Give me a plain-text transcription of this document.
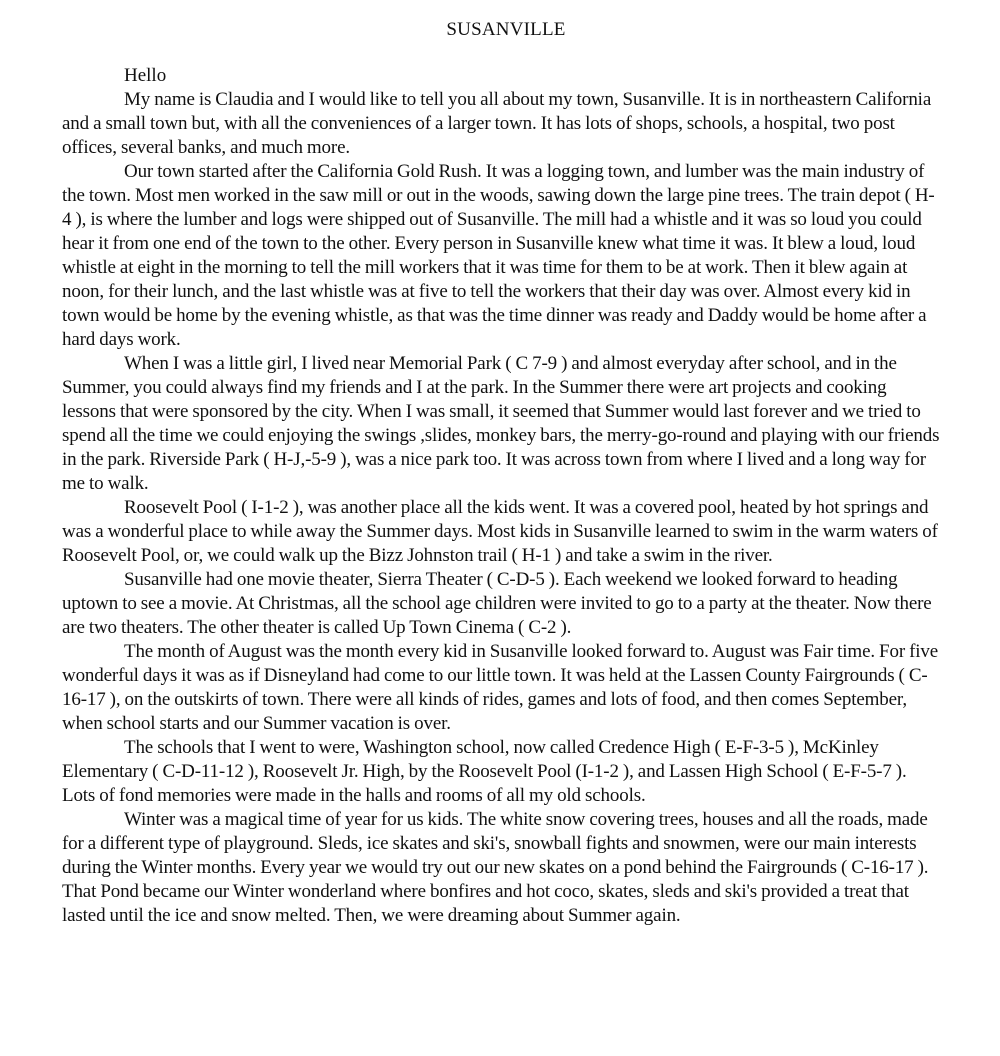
SUSANVILLE

Hello

My name is Claudia and I would like to tell you all about my town, Susanville. It is in northeastern California and a small town but, with all the conveniences of a larger town. It has lots of shops, schools, a hospital, two post offices, several banks, and much more.

Our town started after the California Gold Rush. It was a logging town, and lumber was the main industry of the town. Most men worked in the saw mill or out in the woods, sawing down the large pine trees. The train depot ( H-4 ), is where the lumber and logs were shipped out of Susanville. The mill had a whistle and it was so loud you could hear it from one end of the town to the other. Every person in Susanville knew what time it was. It blew a loud, loud whistle at eight in the morning to tell the mill workers that it was time for them to be at work. Then it blew again at noon, for their lunch, and the last whistle was at five to tell the workers that their day was over. Almost every kid in town would be home by the evening whistle, as that was the time dinner was ready and Daddy would be home after a hard days work.

When I was a little girl, I lived near Memorial Park ( C 7-9 ) and almost everyday after school, and in the Summer, you could always find my friends and I at the park. In the Summer there were art projects and cooking lessons that were sponsored by the city. When I was small, it seemed that Summer would last forever and we tried to spend all the time we could enjoying the swings ,slides, monkey bars, the merry-go-round and playing with our friends in the park. Riverside Park ( H-J,-5-9 ), was a nice park too. It was across town from where I lived and a long way for me to walk.

Roosevelt Pool ( I-1-2 ), was another place all the kids went. It was a covered pool, heated by hot springs and was a wonderful place to while away the Summer days. Most kids in Susanville learned to swim in the warm waters of Roosevelt Pool, or, we could walk up the Bizz Johnston trail ( H-1 ) and take a swim in the river.

Susanville had one movie theater, Sierra Theater ( C-D-5 ). Each weekend we looked forward to heading uptown to see a movie. At Christmas, all the school age children were invited to go to a party at the theater. Now there are two theaters. The other theater is called Up Town Cinema ( C-2 ).

The month of August was the month every kid in Susanville looked forward to. August was Fair time. For five wonderful days it was as if Disneyland had come to our little town. It was held at the Lassen County Fairgrounds ( C-16-17 ), on the outskirts of town. There were all kinds of rides, games and lots of food, and then comes September, when school starts and our Summer vacation is over.

The schools that I went to were, Washington school, now called Credence High ( E-F-3-5 ), McKinley Elementary ( C-D-11-12 ), Roosevelt Jr. High, by the Roosevelt Pool (I-1-2 ), and Lassen High School ( E-F-5-7 ). Lots of fond memories were made in the halls and rooms of all my old schools.

Winter was a magical time of year for us kids. The white snow covering trees, houses and all the roads, made for a different type of playground. Sleds, ice skates and ski's, snowball fights and snowmen, were our main interests during the Winter months. Every year we would try out our new skates on a pond behind the Fairgrounds ( C-16-17 ). That Pond became our Winter wonderland where bonfires and hot coco, skates, sleds and ski's provided a treat that lasted until the ice and snow melted. Then, we were dreaming about Summer again.
